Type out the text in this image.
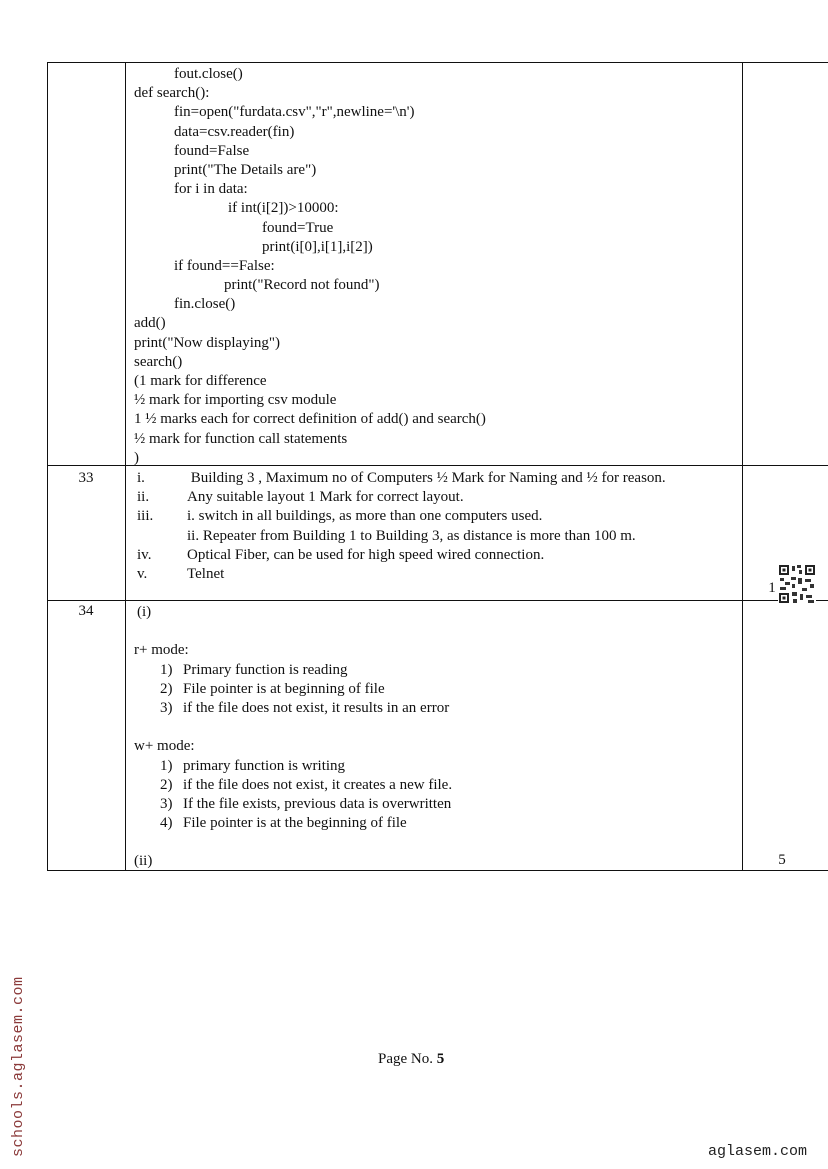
fout.close()
def search():
fin=open("furdata.csv","r",newline='\n')
data=csv.reader(fin)
found=False
print("The Details are")
for i in data:
if int(i[2])>10000:
found=True
print(i[0],i[1],i[2])
if found==False:
print("Record not found")
fin.close()
add()
print("Now displaying")
search()
(1 mark for difference
½ mark for importing csv module
1 ½ marks each for correct definition of add() and search()
½ mark for function call statements
)
33	i.	Building 3 , Maximum no of Computers ½ Mark for Naming and ½ for reason.
ii.	Any suitable layout 1 Mark for correct layout.
iii.	i. switch in all buildings, as more than one computers used.
ii. Repeater from Building 1 to Building 3, as distance is more than 100 m.
iv.	Optical Fiber, can be used for high speed wired connection.
v.	Telnet
1
34	(i)
r+ mode:
1) Primary function is reading
2) File pointer is at beginning of file
3) if the file does not exist, it results in an error
w+ mode:
1) primary function is writing
2) if the file does not exist, it creates a new file.
3) If the file exists, previous data is overwritten
4) File pointer is at the beginning of file
(ii)	5
Page No. 5
schools.aglasem.com	aglasem.com
